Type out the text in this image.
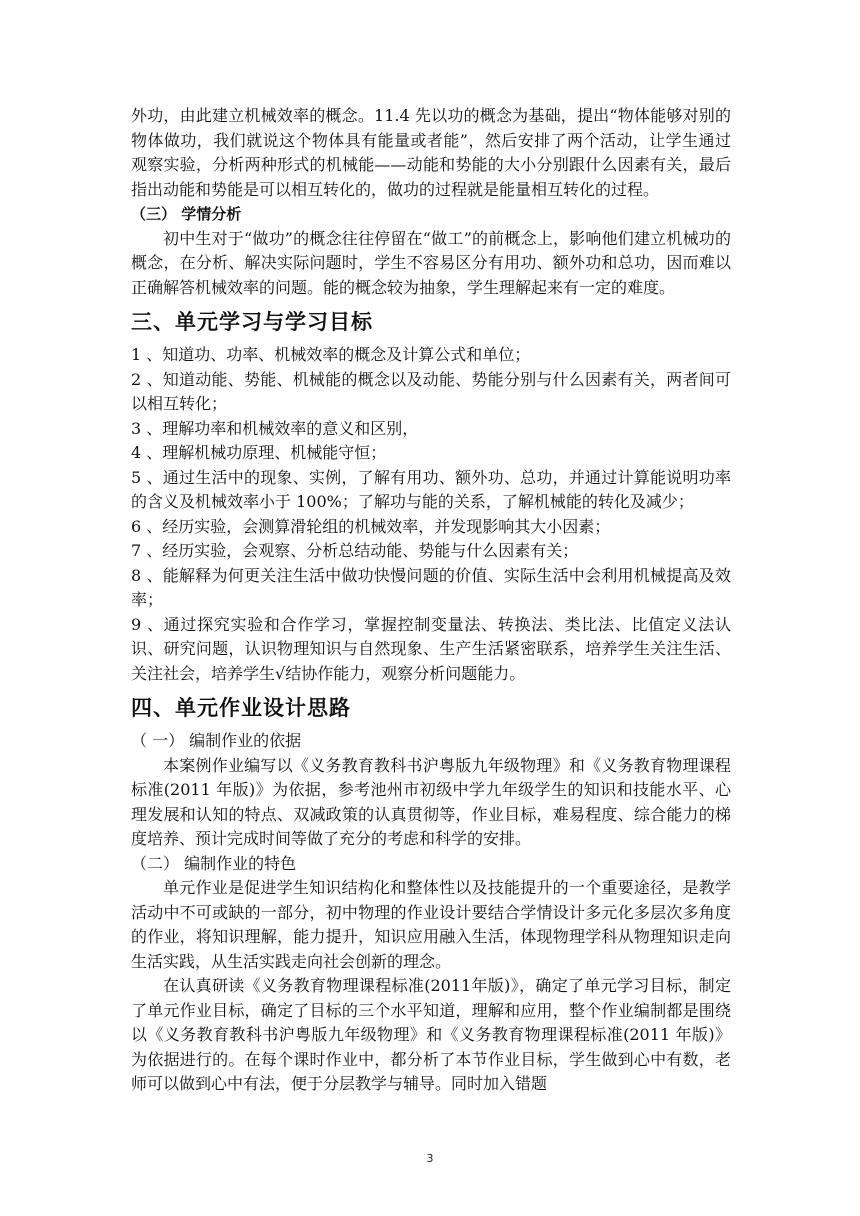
外功，由此建立机械效率的概念。11.4 先以功的概念为基础，提出“物体能够对别的物体做功，我们就说这个物体具有能量或者能”，然后安排了两个活动，让学生通过观察实验，分析两种形式的机械能——动能和势能的大小分别跟什么因素有关，最后指出动能和势能是可以相互转化的，做功的过程就是能量相互转化的过程。

（三） 学情分析

初中生对于“做功”的概念往往停留在“做工”的前概念上，影响他们建立机械功的概念，在分析、解决实际问题时，学生不容易区分有用功、额外功和总功，因而难以正确解答机械效率的问题。能的概念较为抽象，学生理解起来有一定的难度。

三、单元学习与学习目标

1 、知道功、功率、机械效率的概念及计算公式和单位；

2 、知道动能、势能、机械能的概念以及动能、势能分别与什么因素有关，两者间可以相互转化；

3 、理解功率和机械效率的意义和区别，

4 、理解机械功原理、机械能守恒；

5 、通过生活中的现象、实例，了解有用功、额外功、总功，并通过计算能说明功率的含义及机械效率小于 100%；了解功与能的关系，了解机械能的转化及减少；

6 、经历实验，会测算滑轮组的机械效率，并发现影响其大小因素；

7 、经历实验，会观察、分析总结动能、势能与什么因素有关；

8 、能解释为何更关注生活中做功快慢问题的价值、实际生活中会利用机械提高及效率；

9 、通过探究实验和合作学习，掌握控制变量法、转换法、类比法、比值定义法认识、研究问题，认识物理知识与自然现象、生产生活紧密联系，培养学生关注生活、关注社会，培养学生√结协作能力，观察分析问题能力。

四、单元作业设计思路

（ 一） 编制作业的依据

本案例作业编写以《义务教育教科书沪粤版九年级物理》和《义务教育物理课程标准(2011 年版)》为依据，参考池州市初级中学九年级学生的知识和技能水平、心理发展和认知的特点、双减政策的认真贯彻等，作业目标，难易程度、综合能力的梯度培养、预计完成时间等做了充分的考虑和科学的安排。

（二） 编制作业的特色

单元作业是促进学生知识结构化和整体性以及技能提升的一个重要途径，是教学活动中不可或缺的一部分，初中物理的作业设计要结合学情设计多元化多层次多角度的作业，将知识理解，能力提升，知识应用融入生活，体现物理学科从物理知识走向生活实践，从生活实践走向社会创新的理念。

在认真研读《义务教育物理课程标准(2011年版)》，确定了单元学习目标，制定了单元作业目标，确定了目标的三个水平知道，理解和应用，整个作业编制都是围绕以《义务教育教科书沪粤版九年级物理》和《义务教育物理课程标准(2011 年版)》为依据进行的。在每个课时作业中，都分析了本节作业目标，学生做到心中有数，老师可以做到心中有法，便于分层教学与辅导。同时加入错题

3
